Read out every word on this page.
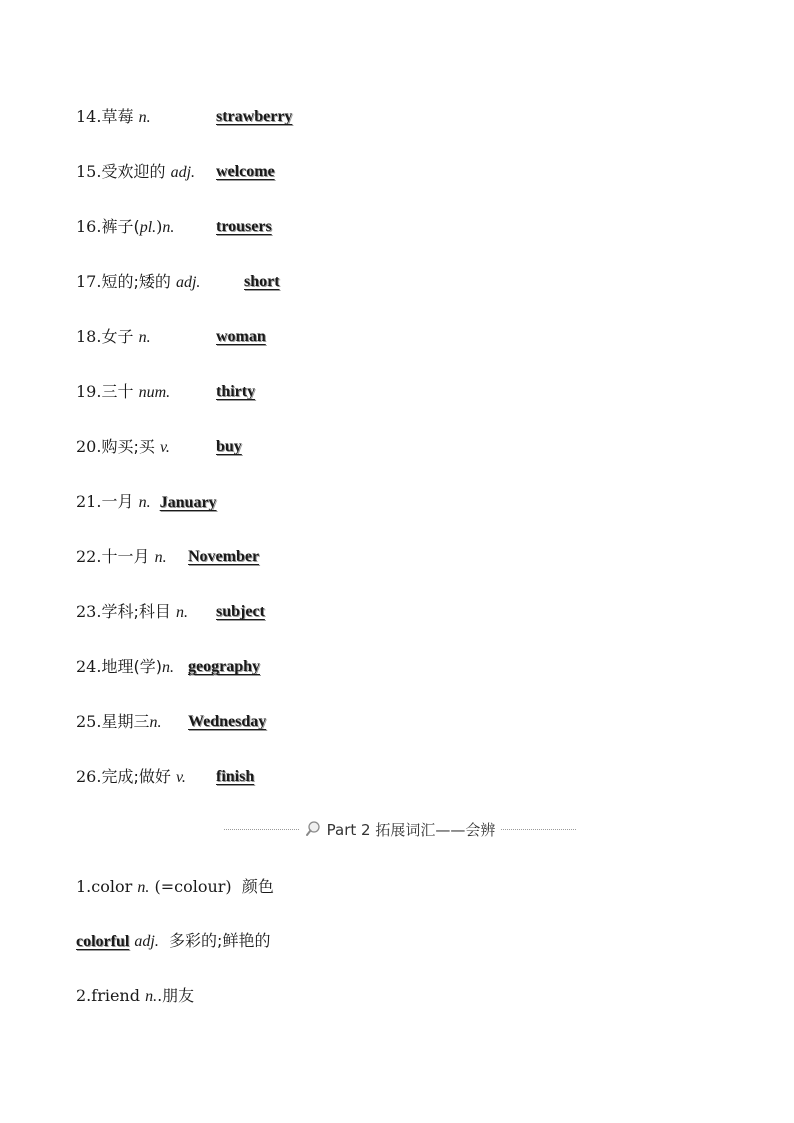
14.草莓 n.	strawberry
15.受欢迎的 adj. welcome
16.裤子(pl.)n.	trousers
17.短的;矮的 adj.	short
18.女子 n.	woman
19.三十 num.	thirty
20.购买;买 v.	buy
21.一月 n. January
22.十一月 n. November
23.学科;科目 n. subject
24.地理(学)n. geography
25.星期三n. Wednesday
26.完成;做好 v. finish
Part 2 拓展词汇——会辨
1.color n. (=colour) 颜色
colorful adj. 多彩的;鲜艳的
2.friend n..朋友
